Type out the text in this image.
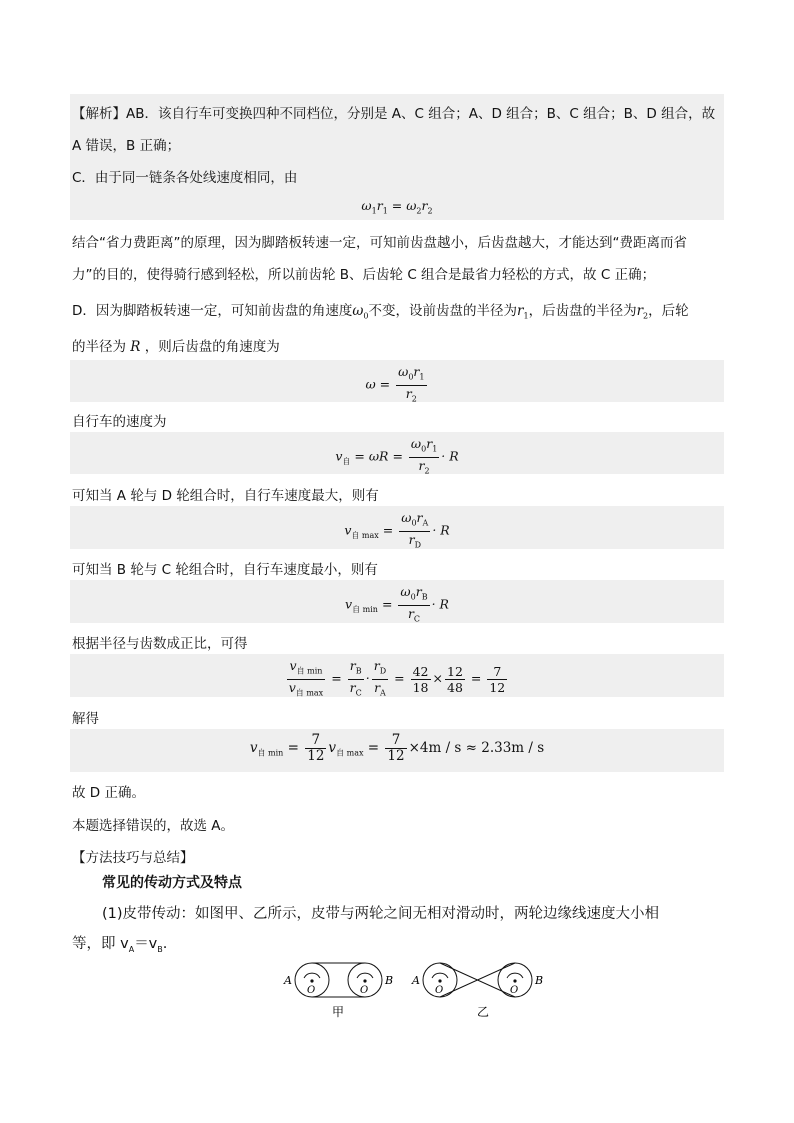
【解析】AB．该自行车可变换四种不同档位，分别是 A、C 组合；A、D 组合；B、C 组合；B、D 组合，故
A 错误，B 正确；
C．由于同一链条各处线速度相同，由
$\omega_1r_1 = \omega_2r_2$
结合“省力费距离”的原理，因为脚踏板转速一定，可知前齿盘越小，后齿盘越大，才能达到“费距离而省
力”的目的，使得骑行感到轻松，所以前齿轮 B、后齿轮 C 组合是最省力轻松的方式，故 C 正确；
D．因为脚踏板转速一定，可知前齿盘的角速度$\omega_0$不变，设前齿盘的半径为$r_1$，后齿盘的半径为$r_2$，后轮
的半径为 R ，则后齿盘的角速度为
$\omega = \frac{\omega_0r_1}{r_2}$
自行车的速度为
$v_自 = \omega R = \frac{\omega_0r_1}{r_2} \cdot R$
可知当 A 轮与 D 轮组合时，自行车速度最大，则有
$v_{自 max} = \frac{\omega_0r_A}{r_D} \cdot R$
可知当 B 轮与 C 轮组合时，自行车速度最小，则有
$v_{自 min} = \frac{\omega_0r_B}{r_C} \cdot R$
根据半径与齿数成正比，可得
$\frac{v_{自 min}}{v_{自 max}} = \frac{r_B}{r_C} \cdot \frac{r_D}{r_A} = \frac{42}{18} \times \frac{12}{48} = \frac{7}{12}$
解得
$v_{自 min} = \frac{7}{12} v_{自 max} = \frac{7}{12} \times 4m / s \approx 2.33m / s$
故 D 正确。
本题选择错误的，故选 A。
【方法技巧与总结】
常见的传动方式及特点
(1)皮带传动：如图甲、乙所示，皮带与两轮之间无相对滑动时，两轮边缘线速度大小相
等，即 $v_A=v_B$.
O	O
A	B
甲
O	O
A	B
乙
